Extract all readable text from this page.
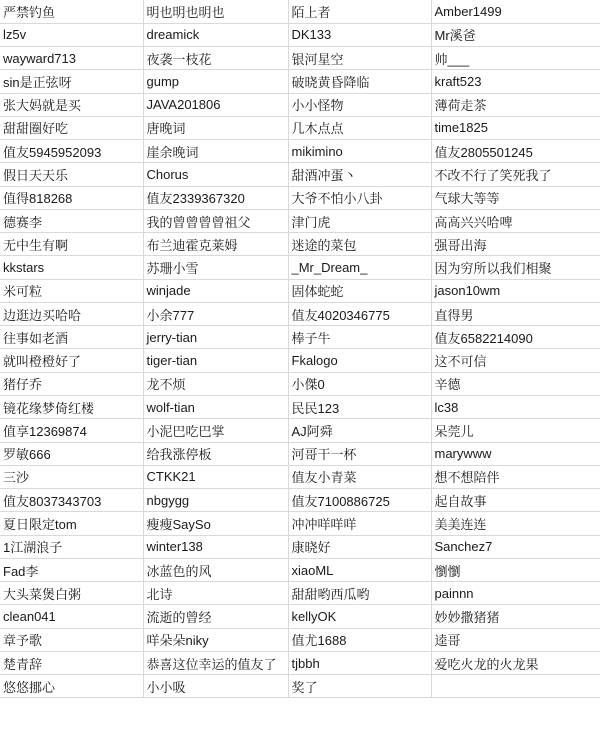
严禁钓鱼	明也明也明也	陌上者	Amber1499
lz5v	dreamick	DK133	Mr溪爸
wayward713	夜袭一枝花	银河星空	帅___
sin是正弦呀	gump	破晓黄昏降临	kraft523
张大妈就是买	JAVA201806	小小怪物	薄荷走茶
甜甜圈好吃	唐晚词	几木点点	time1825
值友5945952093	崖余晚词	mikimino	值友2805501245
假日天天乐	Chorus	甜酒冲蛋丶	不改不行了笑死我了
值得818268	值友2339367320	大爷不怕小八卦	气球大等等
德赛李	我的曾曾曾曾祖父	津门虎	高高兴兴哈啤
无中生有啊	布兰迪霍克莱姆	迷途的菜包	强哥出海
kkstars	苏珊小雪	_Mr_Dream_	因为穷所以我们相聚
米可粒	winjade	固体蛇蛇	jason10wm
边逛边买哈哈	小余777	值友4020346775	直得男
往事如老酒	jerry-tian	棒子牛	值友6582214090
就叫橙橙好了	tiger-tian	Fkalogo	这不可信
猪仔乔	龙不烦	小傑0	辛德
镜花缘梦倚红楼	wolf-tian	民民123	lc38
值享12369874	小泥巴吃巴掌	AJ阿舜	呆莞儿
罗敏666	给我涨停板	河哥干一杯	marywww
三沙	CTKK21	值友小青菜	想不想陪伴
值友8037343703	nbgygg	值友7100886725	起自故事
夏日限定tom	瘦瘦SaySo	冲冲咩咩咩	美美连连
1江湖浪子	winter138	康晓好	Sanchez7
Fad李	冰蓝色的风	xiaoML	懰懰
大头菜煲白粥	北诗	甜甜哟西瓜哟	painnn
clean041	流逝的曾经	kellyOK	妙妙撒猪猪
章予歌	咩朵朵niky	值尤1688	逵哥
楚青辞	恭喜这位幸运的值友了	tjbbh	爱吃火龙的火龙果
悠悠挪心	小小吸	奖了	
